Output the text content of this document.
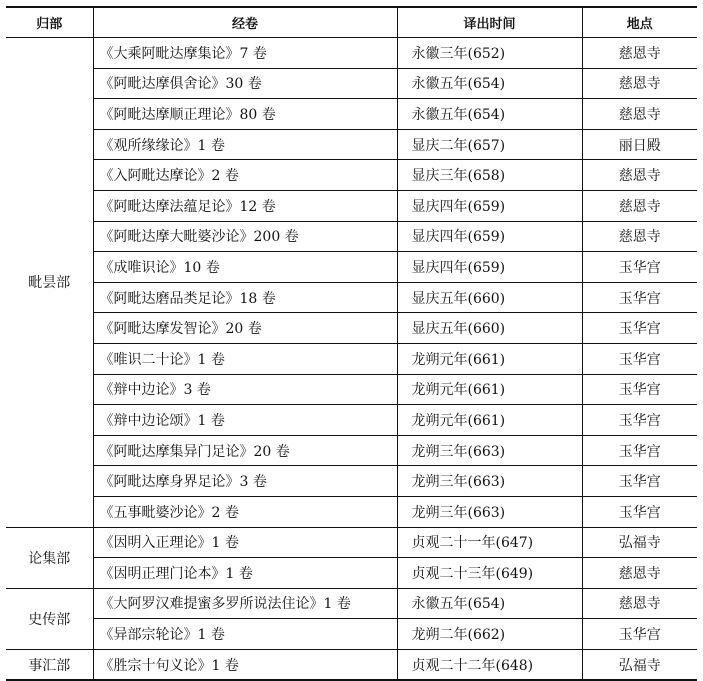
归部	经卷	译出时间	地点
毗昙部	《大乘阿毗达摩集论》7 卷	永徽三年(652)	慈恩寺
	《阿毗达摩俱舍论》30 卷	永徽五年(654)	慈恩寺
	《阿毗达摩顺正理论》80 卷	永徽五年(654)	慈恩寺
	《观所缘缘论》1 卷	显庆二年(657)	丽日殿
	《入阿毗达摩论》2 卷	显庆三年(658)	慈恩寺
	《阿毗达摩法蕴足论》12 卷	显庆四年(659)	慈恩寺
	《阿毗达摩大毗婆沙论》200 卷	显庆四年(659)	慈恩寺
	《成唯识论》10 卷	显庆四年(659)	玉华宫
	《阿毗达磨品类足论》18 卷	显庆五年(660)	玉华宫
	《阿毗达摩发智论》20 卷	显庆五年(660)	玉华宫
	《唯识二十论》1 卷	龙朔元年(661)	玉华宫
	《辩中边论》3 卷	龙朔元年(661)	玉华宫
	《辩中边论颂》1 卷	龙朔元年(661)	玉华宫
	《阿毗达摩集异门足论》20 卷	龙朔三年(663)	玉华宫
	《阿毗达摩身界足论》3 卷	龙朔三年(663)	玉华宫
	《五事毗婆沙论》2 卷	龙朔三年(663)	玉华宫
论集部	《因明入正理论》1 卷	贞观二十一年(647)	弘福寺
	《因明正理门论本》1 卷	贞观二十三年(649)	慈恩寺
史传部	《大阿罗汉难提蜜多罗所说法住论》1 卷	永徽五年(654)	慈恩寺
	《异部宗轮论》1 卷	龙朔二年(662)	玉华宫
事汇部	《胜宗十句义论》1 卷	贞观二十二年(648)	弘福寺
